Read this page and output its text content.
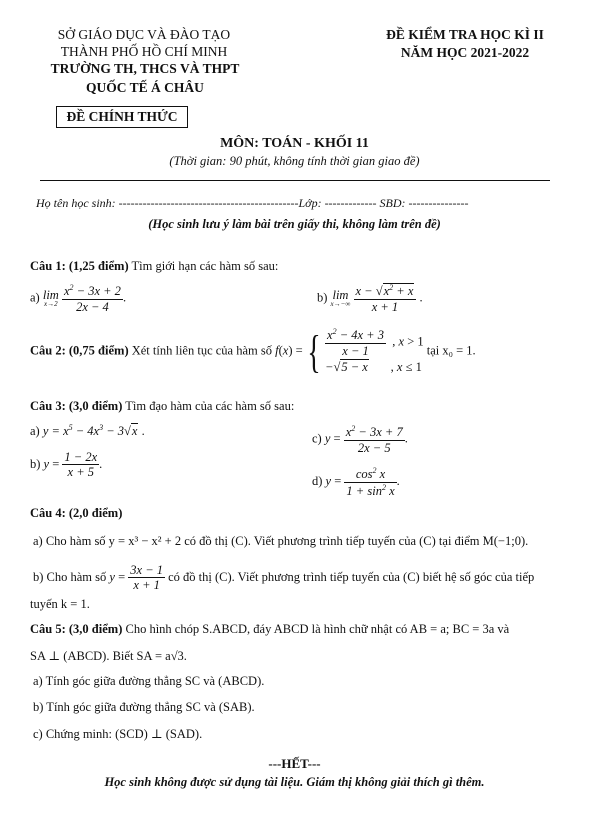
SỞ GIÁO DỤC VÀ ĐÀO TẠO
THÀNH PHỐ HỒ CHÍ MINH
TRƯỜNG TH, THCS VÀ THPT
QUỐC TẾ Á CHÂU
ĐỀ CHÍNH THỨC
ĐỀ KIỂM TRA HỌC KÌ II
NĂM HỌC 2021-2022
MÔN: TOÁN - KHỐI 11
(Thời gian: 90 phút, không tính thời gian giao đề)
Họ tên học sinh: ---------------------------------------------Lớp: ------------- SBD: ---------------
(Học sinh lưu ý làm bài trên giấy thi, không làm trên đề)
Câu 1: (1,25 điểm) Tìm giới hạn các hàm số sau:
a) lim
x→2
$\frac{x^2 - 3x + 2}{2x - 4}$ .	b) lim
x→−∞
$\frac{x - √x^2 + x}{x + 1}$ .
Câu 2: (0,75 điểm) Xét tính liên tục của hàm số f(x) = { $\frac{x^2 - 4x + 3}{x - 1}$ , x > 1
−√5 − x       , x ≤ 1
tại x₀ = 1.
Câu 3: (3,0 điểm) Tìm đạo hàm của các hàm số sau:
a) $y = x^5 - 4x^3 - 3√x$ .
c) $y = \frac{x^2 - 3x + 7}{2x - 5}$ .
b) $y = \frac{1 - 2x}{x + 5}$ .
d) $y = \frac{\cos^2 x}{1 + \sin^2 x}$ .
Câu 4: (2,0 điểm)
a) Cho hàm số y = x³ − x² + 2 có đồ thị (C). Viết phương trình tiếp tuyến của (C) tại điểm M(−1;0).
b) Cho hàm số $y = \frac{3x - 1}{x + 1}$ có đồ thị (C). Viết phương trình tiếp tuyến của (C) biết hệ số góc của tiếp
tuyến k = 1.
Câu 5: (3,0 điểm) Cho hình chóp S.ABCD, đáy ABCD là hình chữ nhật có AB = a; BC = 3a và
SA ⊥ (ABCD). Biết SA = a√3.
a) Tính góc giữa đường thẳng SC và (ABCD).
b) Tính góc giữa đường thẳng SC và (SAB).
c) Chứng minh: (SCD) ⊥ (SAD).
---HẾT---
Học sinh không được sử dụng tài liệu. Giám thị không giải thích gì thêm.
